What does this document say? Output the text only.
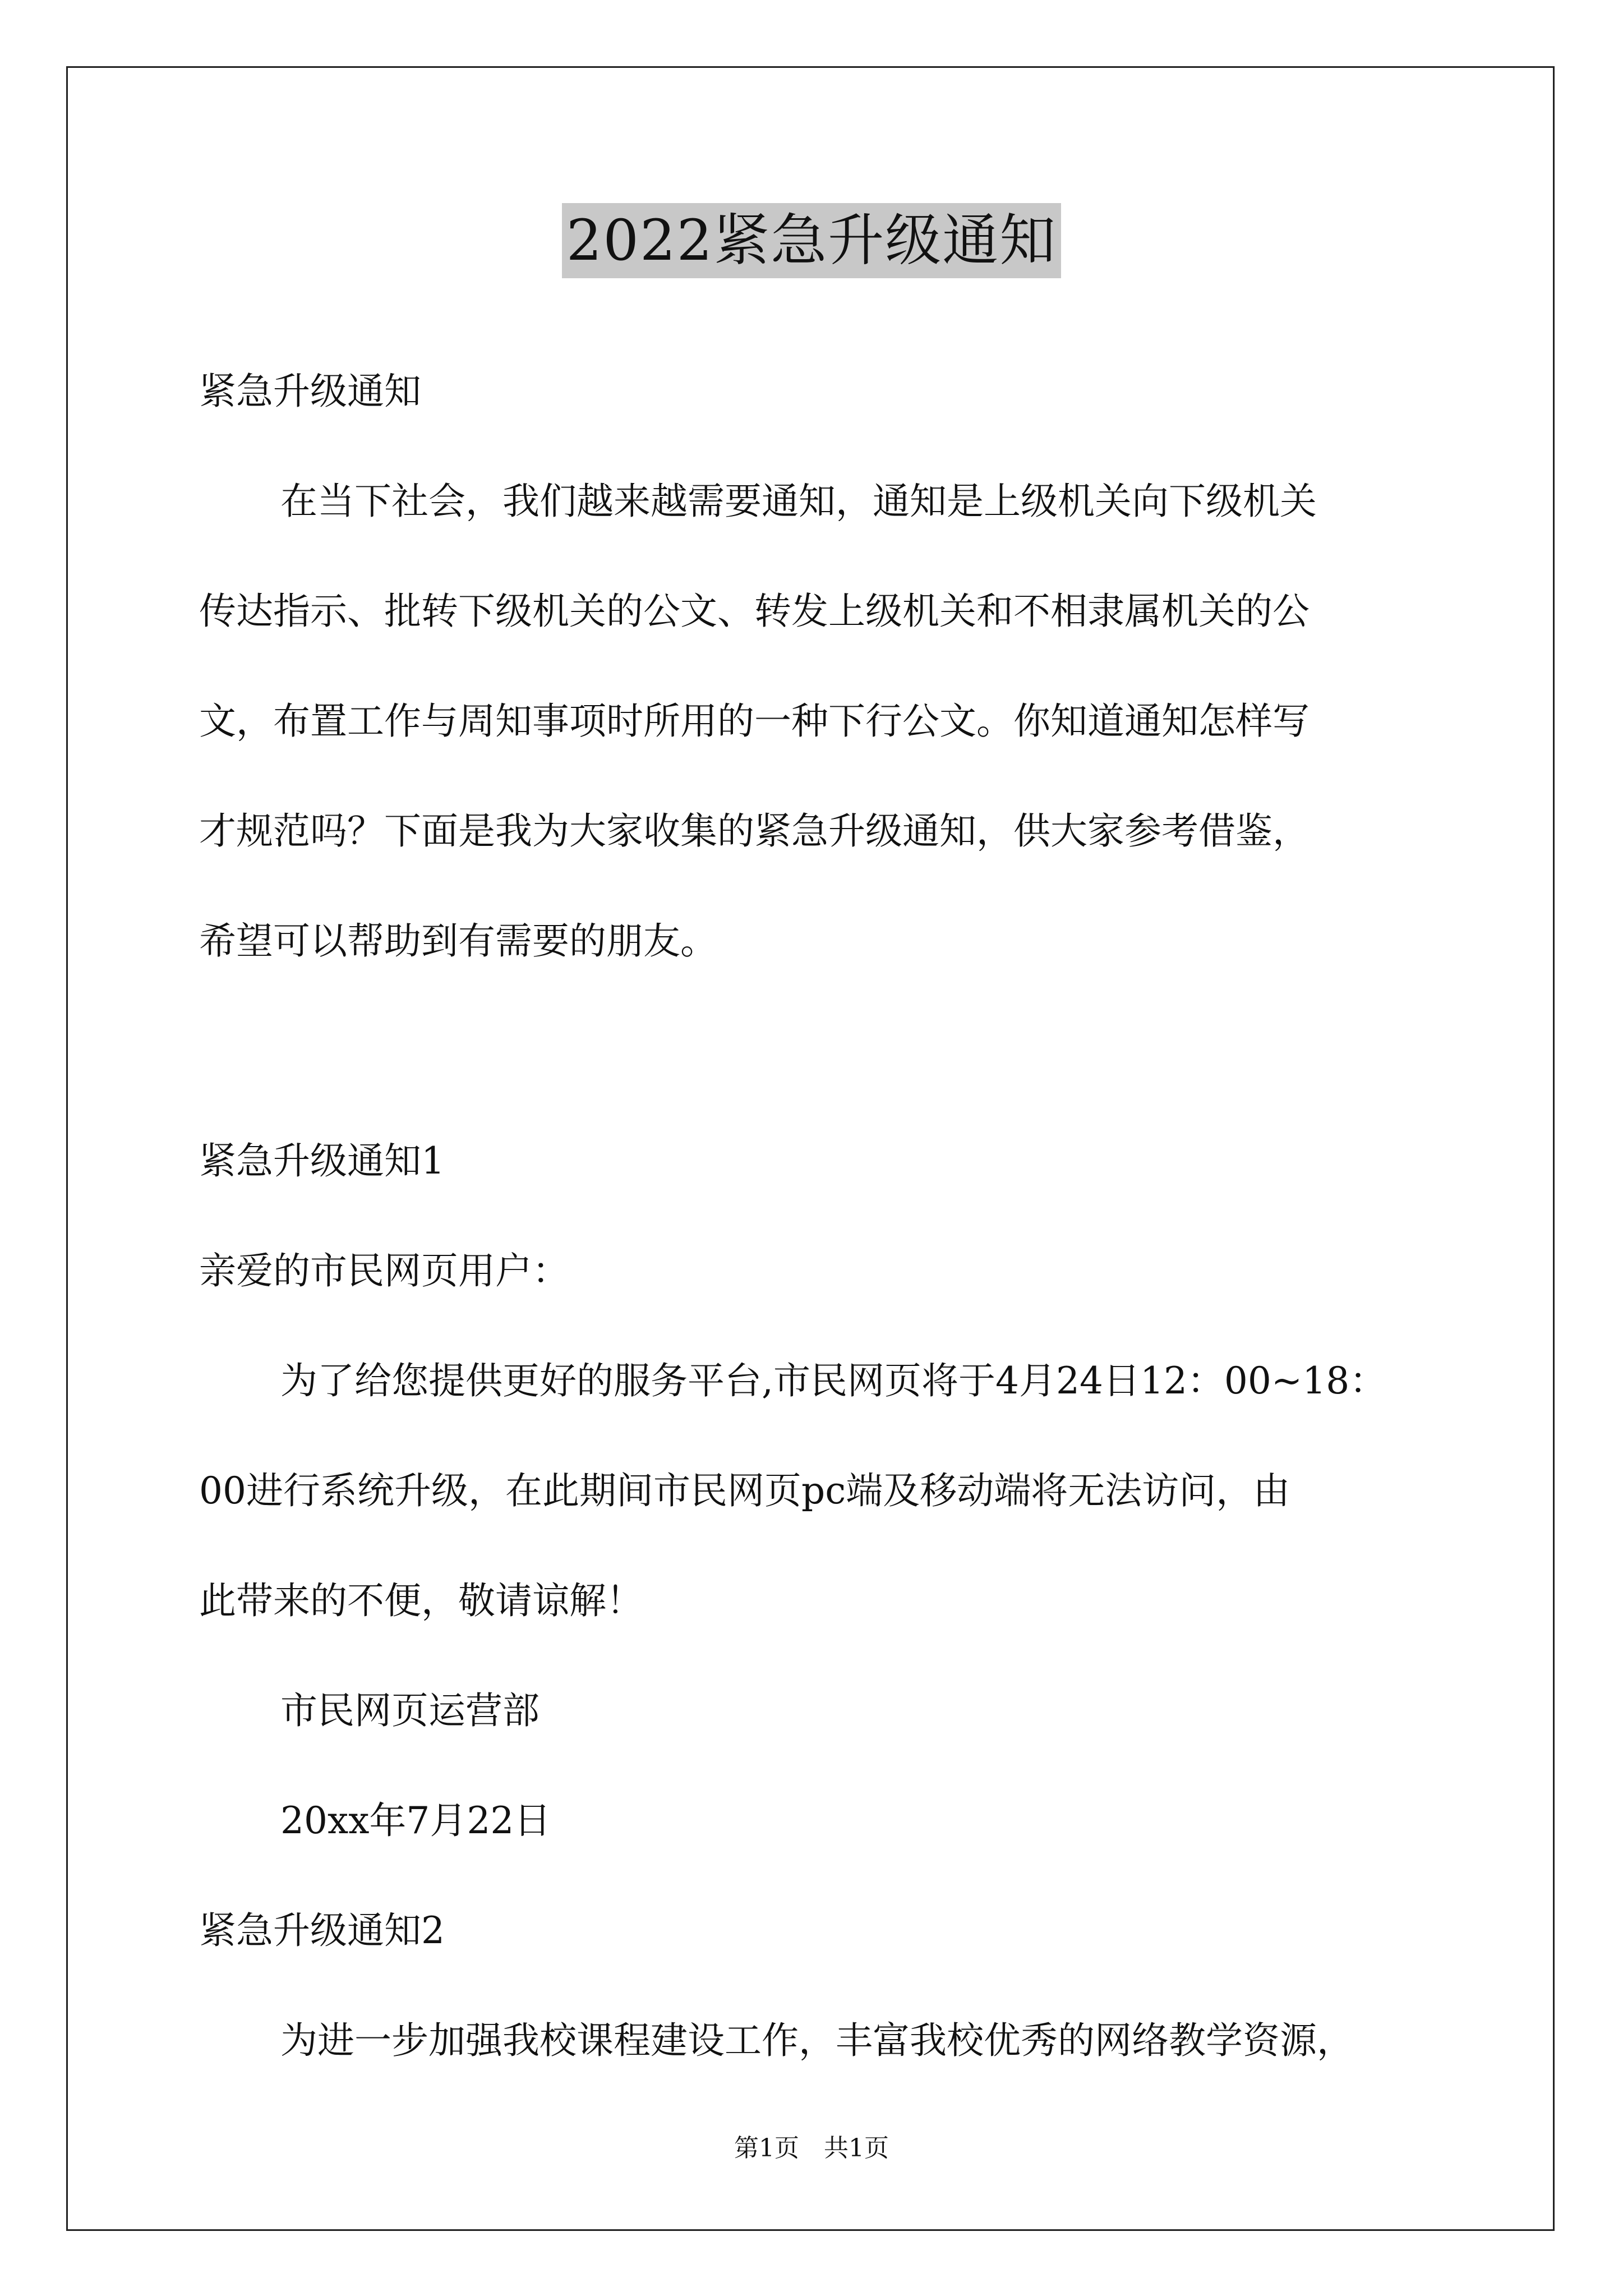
2022紧急升级通知

紧急升级通知

在当下社会，我们越来越需要通知，通知是上级机关向下级机关

传达指示、批转下级机关的公文、转发上级机关和不相隶属机关的公

文，布置工作与周知事项时所用的一种下行公文。你知道通知怎样写

才规范吗？下面是我为大家收集的紧急升级通知，供大家参考借鉴，

希望可以帮助到有需要的朋友。

紧急升级通知1

亲爱的市民网页用户：

为了给您提供更好的服务平台,市民网页将于4月24日12：00~18：

00进行系统升级，在此期间市民网页pc端及移动端将无法访问，由

此带来的不便，敬请谅解！

市民网页运营部

20xx年7月22日

紧急升级通知2

为进一步加强我校课程建设工作，丰富我校优秀的网络教学资源，

第1页　共1页
